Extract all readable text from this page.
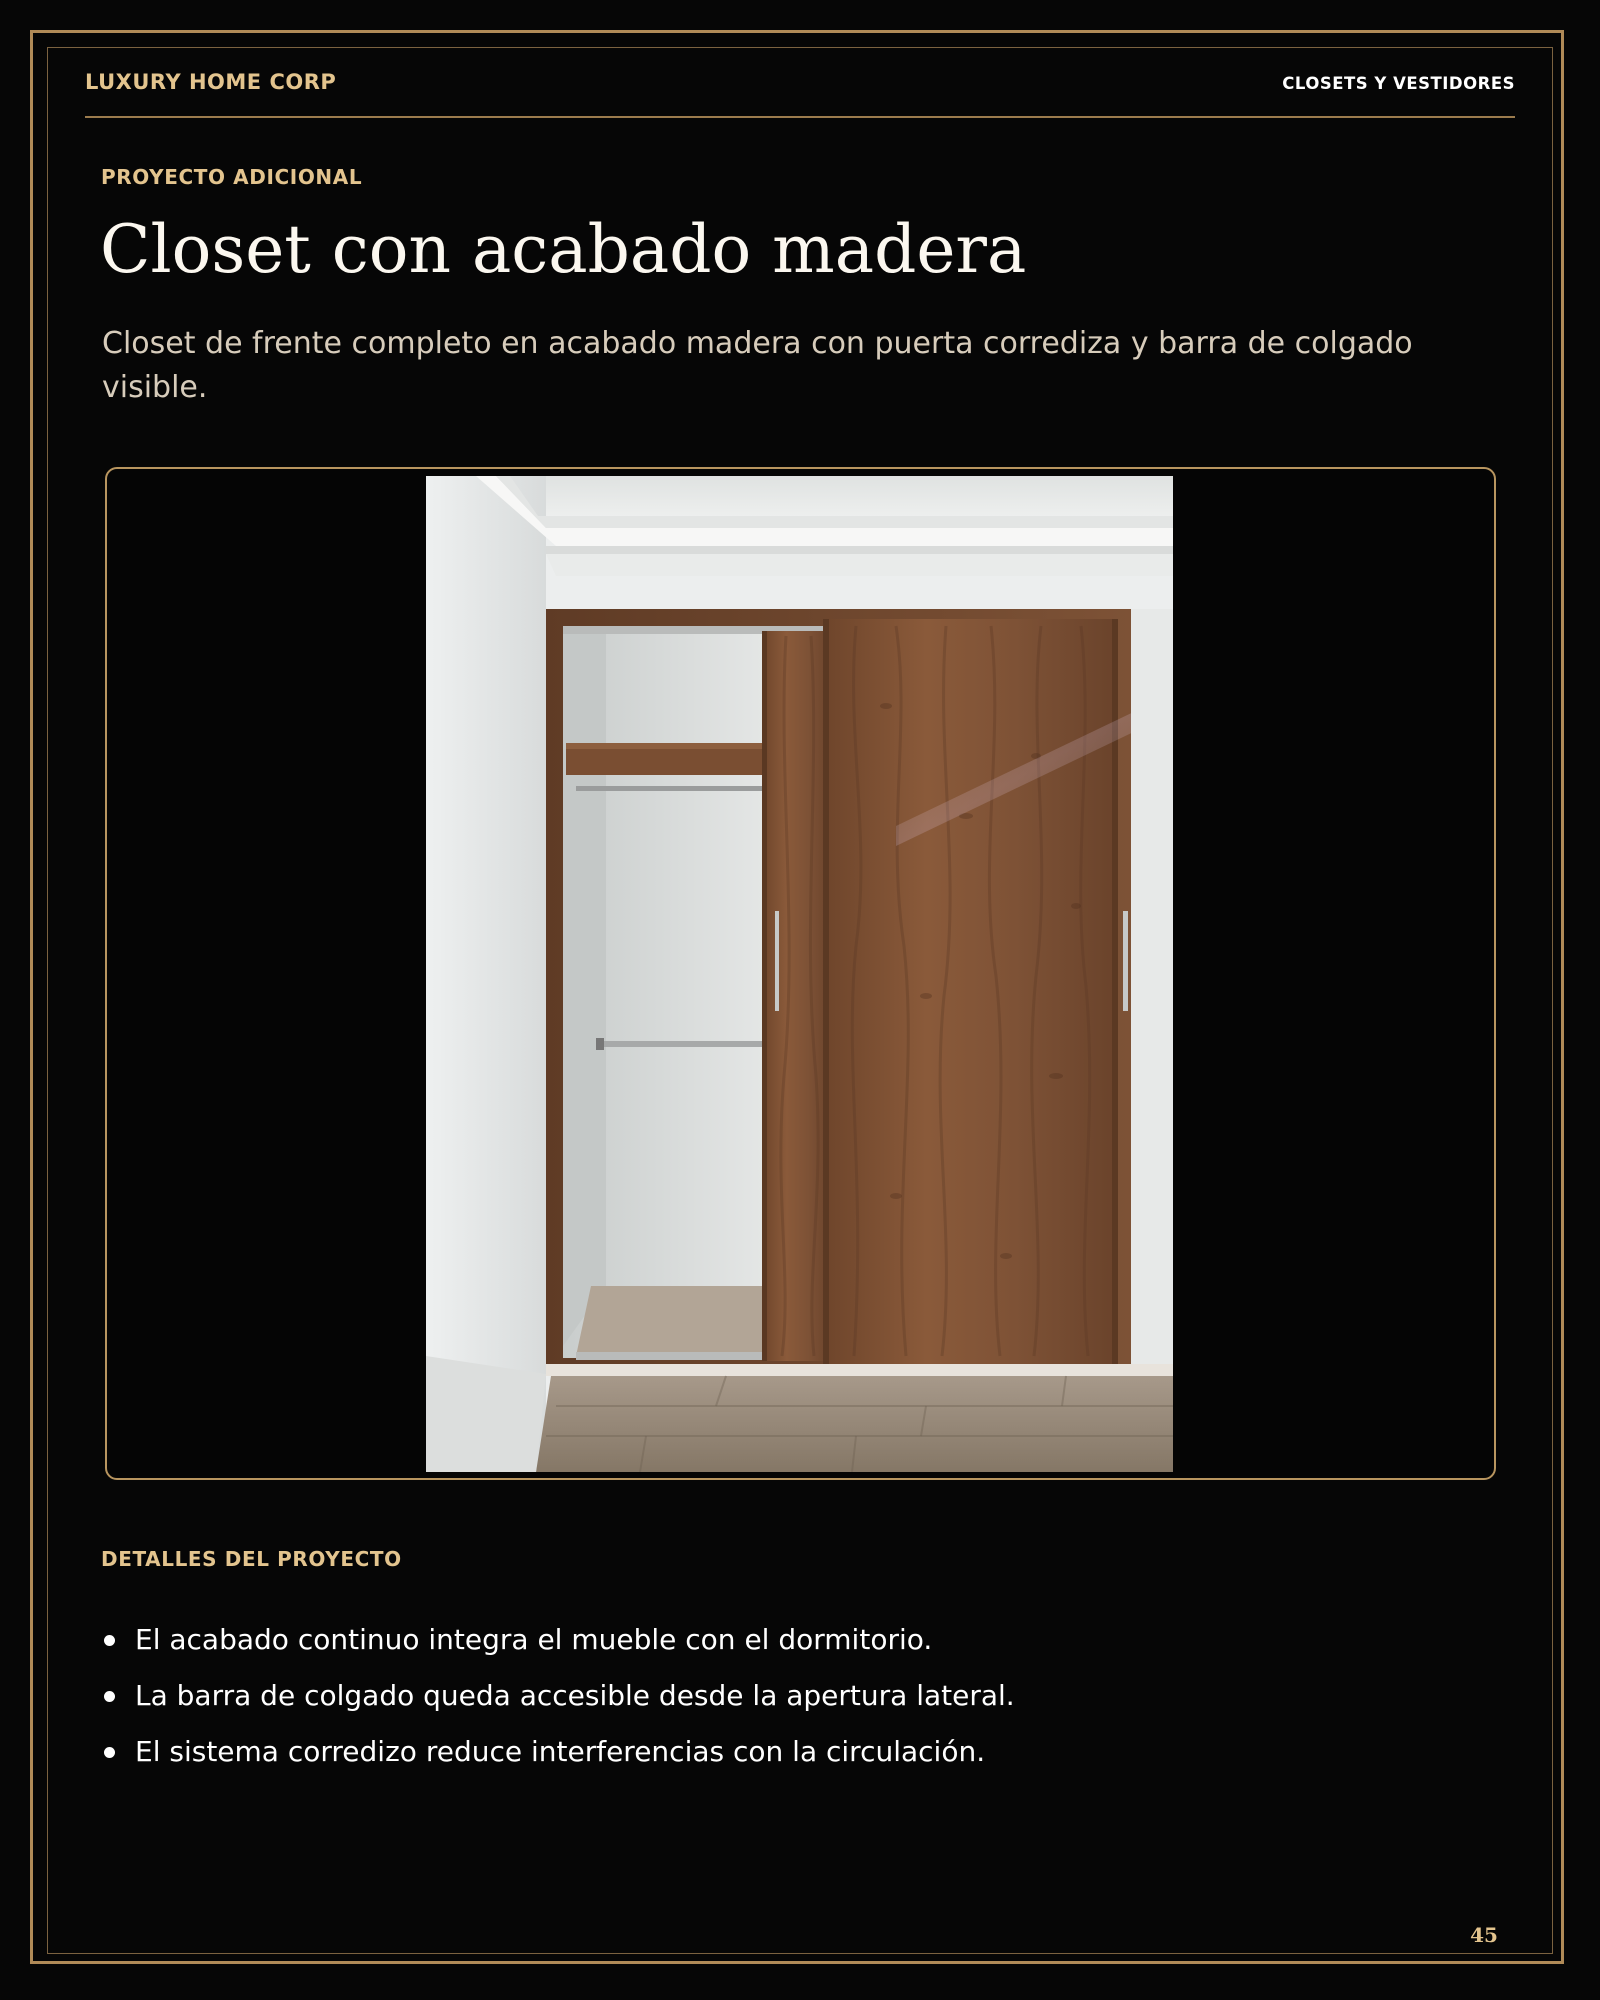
LUXURY HOME CORP	CLOSETS Y VESTIDORES
PROYECTO ADICIONAL
Closet con acabado madera

Closet de frente completo en acabado madera con puerta corrediza y barra de colgado visible.

DETALLES DEL PROYECTO
El acabado continuo integra el mueble con el dormitorio.
La barra de colgado queda accesible desde la apertura lateral.
El sistema corredizo reduce interferencias con la circulación.
45
